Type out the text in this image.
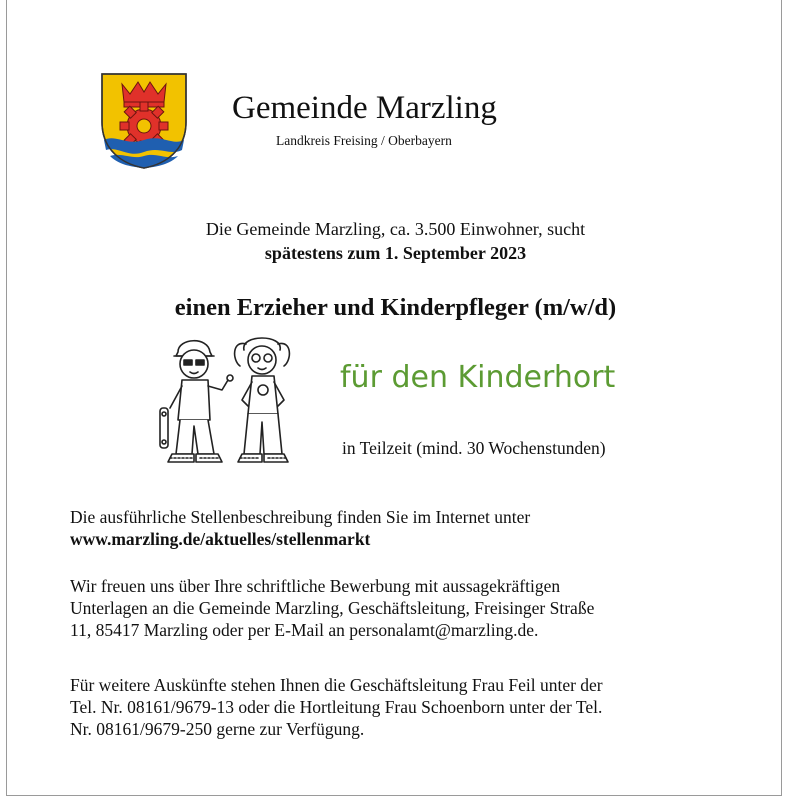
Gemeinde Marzling
Landkreis Freising / Oberbayern
Die Gemeinde Marzling, ca. 3.500 Einwohner, sucht
spätestens zum 1. September 2023
einen Erzieher und Kinderpfleger (m/w/d)
für den Kinderhort
in Teilzeit (mind. 30 Wochenstunden)
Die ausführliche Stellenbeschreibung finden Sie im Internet unter
www.marzling.de/aktuelles/stellenmarkt
Wir freuen uns über Ihre schriftliche Bewerbung mit aussagekräftigen
Unterlagen an die Gemeinde Marzling, Geschäftsleitung, Freisinger Straße
11, 85417 Marzling oder per E-Mail an personalamt@marzling.de.
Für weitere Auskünfte stehen Ihnen die Geschäftsleitung Frau Feil unter der
Tel. Nr. 08161/9679-13 oder die Hortleitung Frau Schoenborn unter der Tel.
Nr. 08161/9679-250 gerne zur Verfügung.
